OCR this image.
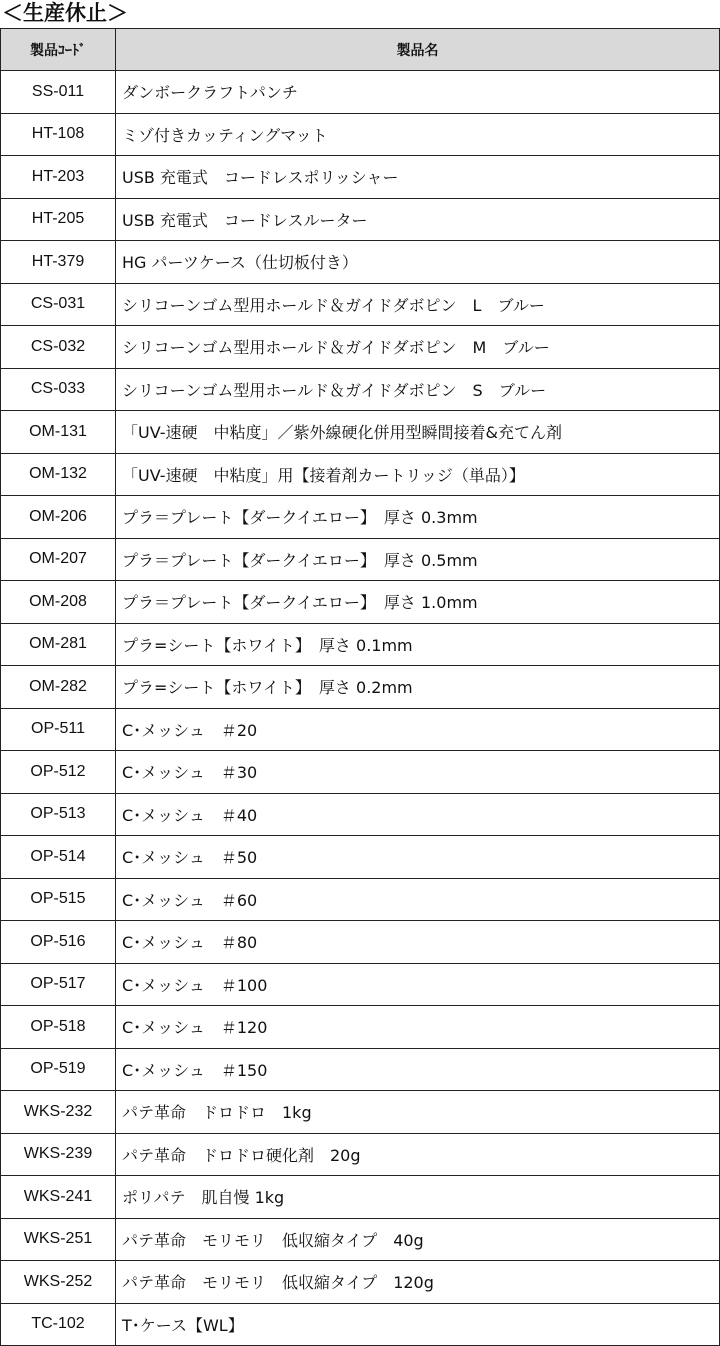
＜生産休止＞
製品ｺｰﾄﾞ	製品名
SS-011	ダンボークラフトパンチ
HT-108	ミゾ付きカッティングマット
HT-203	USB 充電式　コードレスポリッシャー
HT-205	USB 充電式　コードレスルーター
HT-379	HG パーツケース（仕切板付き）
CS-031	シリコーンゴム型用ホールド＆ガイドダボピン　L　ブルー
CS-032	シリコーンゴム型用ホールド＆ガイドダボピン　M　ブルー
CS-033	シリコーンゴム型用ホールド＆ガイドダボピン　S　ブルー
OM-131	「UV-速硬　中粘度」／紫外線硬化併用型瞬間接着&充てん剤
OM-132	「UV-速硬　中粘度」用【接着剤カートリッジ（単品）】
OM-206	プラ＝プレート【ダークイエロー】　厚さ 0.3mm
OM-207	プラ＝プレート【ダークイエロー】　厚さ 0.5mm
OM-208	プラ＝プレート【ダークイエロー】　厚さ 1.0mm
OM-281	プラ=シート【ホワイト】　厚さ 0.1mm
OM-282	プラ=シート【ホワイト】　厚さ 0.2mm
OP-511	C･メッシュ　＃20
OP-512	C･メッシュ　＃30
OP-513	C･メッシュ　＃40
OP-514	C･メッシュ　＃50
OP-515	C･メッシュ　＃60
OP-516	C･メッシュ　＃80
OP-517	C･メッシュ　＃100
OP-518	C･メッシュ　＃120
OP-519	C･メッシュ　＃150
WKS-232	パテ革命　ドロドロ　1kg
WKS-239	パテ革命　ドロドロ硬化剤　20g
WKS-241	ポリパテ　肌自慢 1kg
WKS-251	パテ革命　モリモリ　低収縮タイプ　40g
WKS-252	パテ革命　モリモリ　低収縮タイプ　120g
TC-102	T･ケース【WL】
